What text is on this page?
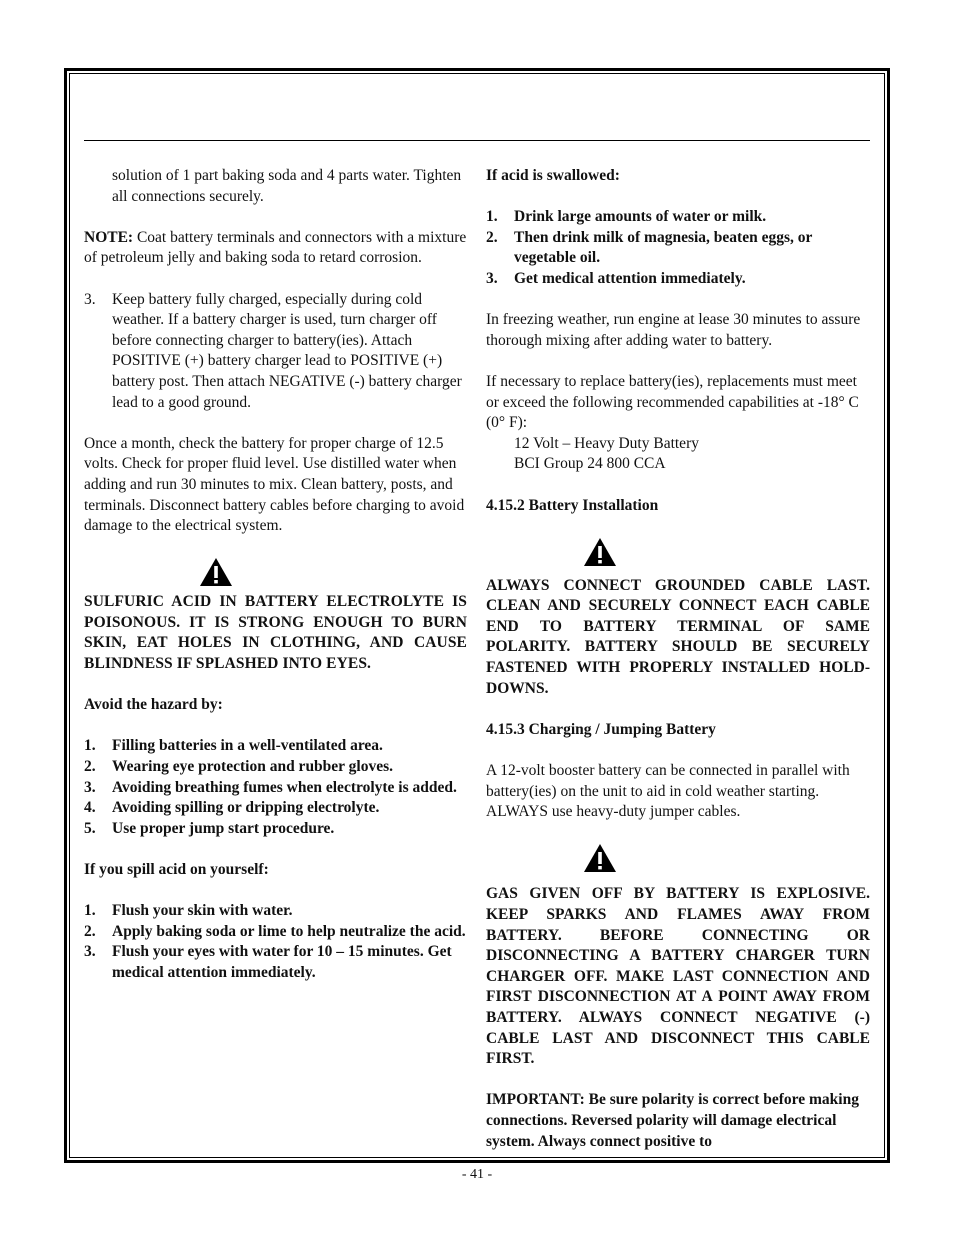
solution of 1 part baking soda and 4 parts water. Tighten all connections securely.

NOTE: Coat battery terminals and connectors with a mixture of petroleum jelly and baking soda to retard corrosion.

3.	Keep battery fully charged, especially during cold weather. If a battery charger is used, turn charger off before connecting charger to battery(ies). Attach POSITIVE (+) battery charger lead to POSITIVE (+) battery post. Then attach NEGATIVE (-) battery charger lead to a good ground.

Once a month, check the battery for proper charge of 12.5 volts. Check for proper fluid level. Use distilled water when adding and run 30 minutes to mix. Clean battery, posts, and terminals. Disconnect battery cables before charging to avoid damage to the electrical system.

SULFURIC ACID IN BATTERY ELECTROLYTE IS POISONOUS. IT IS STRONG ENOUGH TO BURN SKIN, EAT HOLES IN CLOTHING, AND CAUSE BLINDNESS IF SPLASHED INTO EYES.

Avoid the hazard by:

1.	Filling batteries in a well-ventilated area.
2.	Wearing eye protection and rubber gloves.
3.	Avoiding breathing fumes when electrolyte is added.
4.	Avoiding spilling or dripping electrolyte.
5.	Use proper jump start procedure.

If you spill acid on yourself:

1.	Flush your skin with water.
2.	Apply baking soda or lime to help neutralize the acid.
3.	Flush your eyes with water for 10 – 15 minutes. Get medical attention immediately.

If acid is swallowed:

1.	Drink large amounts of water or milk.
2.	Then drink milk of magnesia, beaten eggs, or vegetable oil.
3.	Get medical attention immediately.

In freezing weather, run engine at lease 30 minutes to assure thorough mixing after adding water to battery.

If necessary to replace battery(ies), replacements must meet or exceed the following recommended capabilities at -18° C (0° F):

12 Volt – Heavy Duty Battery

BCI Group 24 800 CCA

4.15.2 Battery Installation

ALWAYS CONNECT GROUNDED CABLE LAST. CLEAN AND SECURELY CONNECT EACH CABLE END TO BATTERY TERMINAL OF SAME POLARITY. BATTERY SHOULD BE SECURELY FASTENED WITH PROPERLY INSTALLED HOLD-DOWNS.

4.15.3 Charging / Jumping Battery

A 12-volt booster battery can be connected in parallel with battery(ies) on the unit to aid in cold weather starting. ALWAYS use heavy-duty jumper cables.

GAS GIVEN OFF BY BATTERY IS EXPLOSIVE. KEEP SPARKS AND FLAMES AWAY FROM BATTERY. BEFORE CONNECTING OR DISCONNECTING A BATTERY CHARGER TURN CHARGER OFF. MAKE LAST CONNECTION AND FIRST DISCONNECTION AT A POINT AWAY FROM BATTERY. ALWAYS CONNECT NEGATIVE (-) CABLE LAST AND DISCONNECT THIS CABLE FIRST.

IMPORTANT: Be sure polarity is correct before making connections. Reversed polarity will damage electrical system. Always connect positive to

- 41 -
